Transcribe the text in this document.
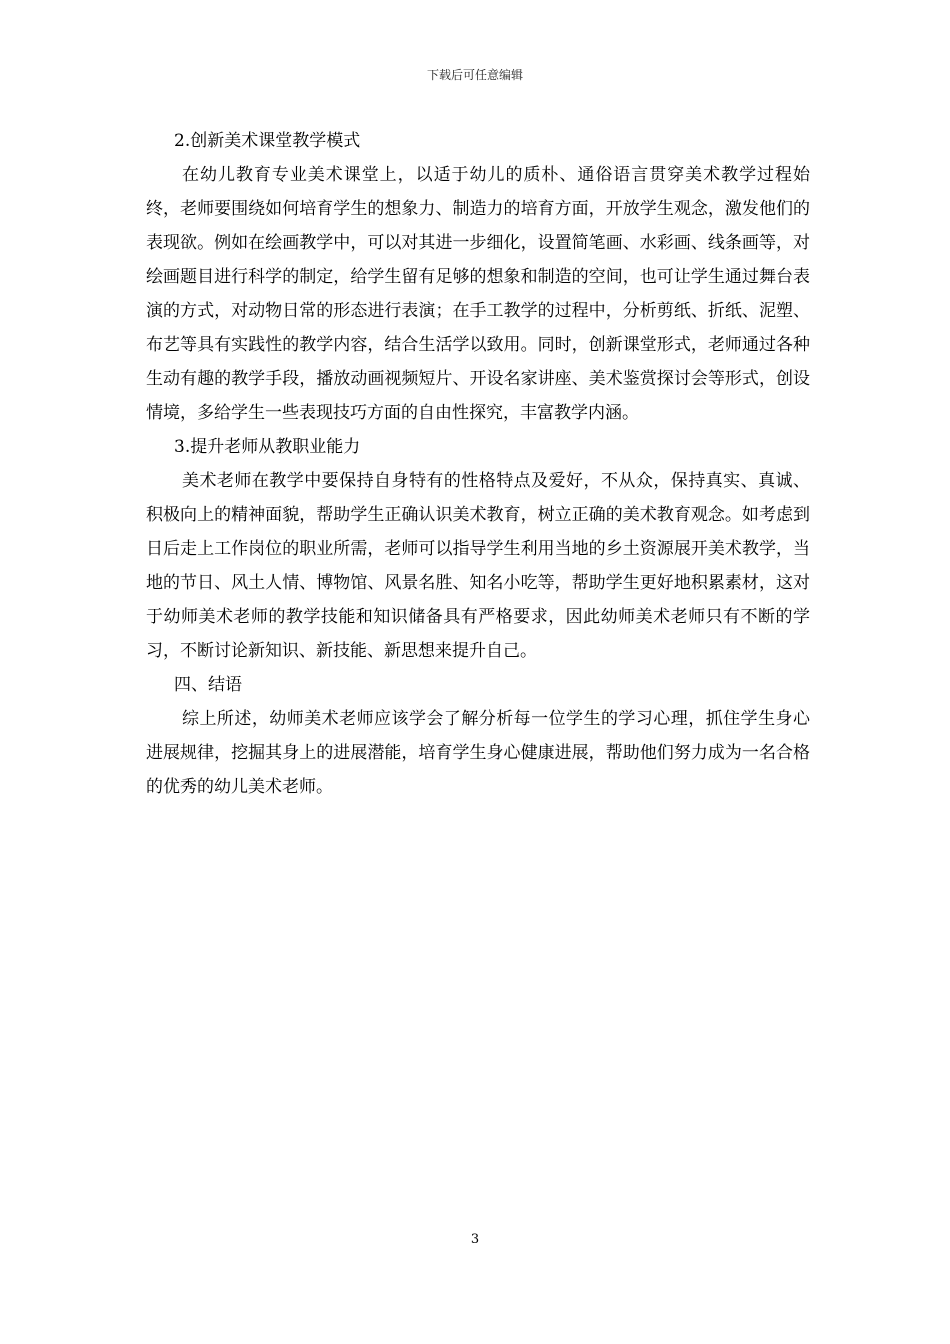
下载后可任意编辑
2.创新美术课堂教学模式

在幼儿教育专业美术课堂上，以适于幼儿的质朴、通俗语言贯穿美术教学过程始终，老师要围绕如何培育学生的想象力、制造力的培育方面，开放学生观念，激发他们的表现欲。例如在绘画教学中，可以对其进一步细化，设置简笔画、水彩画、线条画等，对绘画题目进行科学的制定，给学生留有足够的想象和制造的空间，也可让学生通过舞台表演的方式，对动物日常的形态进行表演；在手工教学的过程中，分析剪纸、折纸、泥塑、布艺等具有实践性的教学内容，结合生活学以致用。同时，创新课堂形式，老师通过各种生动有趣的教学手段，播放动画视频短片、开设名家讲座、美术鉴赏探讨会等形式，创设情境，多给学生一些表现技巧方面的自由性探究，丰富教学内涵。

3.提升老师从教职业能力

美术老师在教学中要保持自身特有的性格特点及爱好，不从众，保持真实、真诚、积极向上的精神面貌，帮助学生正确认识美术教育，树立正确的美术教育观念。如考虑到日后走上工作岗位的职业所需，老师可以指导学生利用当地的乡土资源展开美术教学，当地的节日、风土人情、博物馆、风景名胜、知名小吃等，帮助学生更好地积累素材，这对于幼师美术老师的教学技能和知识储备具有严格要求，因此幼师美术老师只有不断的学习，不断讨论新知识、新技能、新思想来提升自己。

四、结语

综上所述，幼师美术老师应该学会了解分析每一位学生的学习心理，抓住学生身心进展规律，挖掘其身上的进展潜能，培育学生身心健康进展，帮助他们努力成为一名合格的优秀的幼儿美术老师。

3
